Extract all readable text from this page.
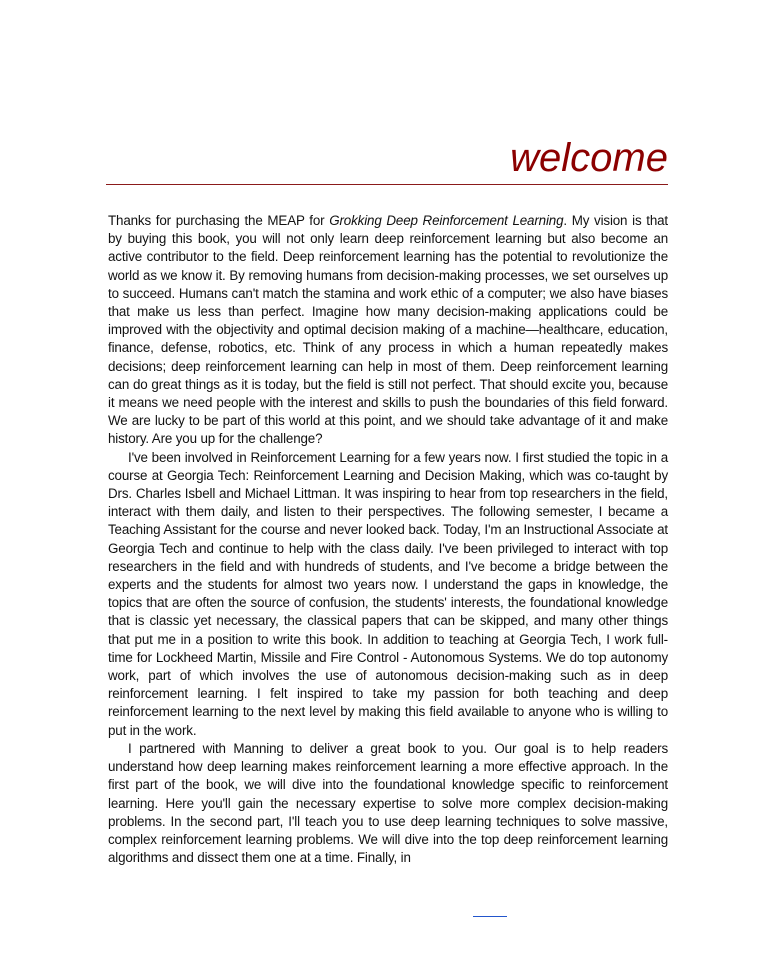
welcome

Thanks for purchasing the MEAP for Grokking Deep Reinforcement Learning. My vision is that by buying this book, you will not only learn deep reinforcement learning but also become an active contributor to the field. Deep reinforcement learning has the potential to revolutionize the world as we know it. By removing humans from decision-making processes, we set ourselves up to succeed. Humans can't match the stamina and work ethic of a computer; we also have biases that make us less than perfect. Imagine how many decision-making applications could be improved with the objectivity and optimal decision making of a machine—healthcare, education, finance, defense, robotics, etc. Think of any process in which a human repeatedly makes decisions; deep reinforcement learning can help in most of them. Deep reinforcement learning can do great things as it is today, but the field is still not perfect. That should excite you, because it means we need people with the interest and skills to push the boundaries of this field forward. We are lucky to be part of this world at this point, and we should take advantage of it and make history. Are you up for the challenge?

I've been involved in Reinforcement Learning for a few years now. I first studied the topic in a course at Georgia Tech: Reinforcement Learning and Decision Making, which was co-taught by Drs. Charles Isbell and Michael Littman. It was inspiring to hear from top researchers in the field, interact with them daily, and listen to their perspectives. The following semester, I became a Teaching Assistant for the course and never looked back. Today, I'm an Instructional Associate at Georgia Tech and continue to help with the class daily. I've been privileged to interact with top researchers in the field and with hundreds of students, and I've become a bridge between the experts and the students for almost two years now. I understand the gaps in knowledge, the topics that are often the source of confusion, the students' interests, the foundational knowledge that is classic yet necessary, the classical papers that can be skipped, and many other things that put me in a position to write this book. In addition to teaching at Georgia Tech, I work full-time for Lockheed Martin, Missile and Fire Control - Autonomous Systems. We do top autonomy work, part of which involves the use of autonomous decision-making such as in deep reinforcement learning. I felt inspired to take my passion for both teaching and deep reinforcement learning to the next level by making this field available to anyone who is willing to put in the work.

I partnered with Manning to deliver a great book to you. Our goal is to help readers understand how deep learning makes reinforcement learning a more effective approach. In the first part of the book, we will dive into the foundational knowledge specific to reinforcement learning. Here you'll gain the necessary expertise to solve more complex decision-making problems. In the second part, I'll teach you to use deep learning techniques to solve massive, complex reinforcement learning problems. We will dive into the top deep reinforcement learning algorithms and dissect them one at a time. Finally, in
